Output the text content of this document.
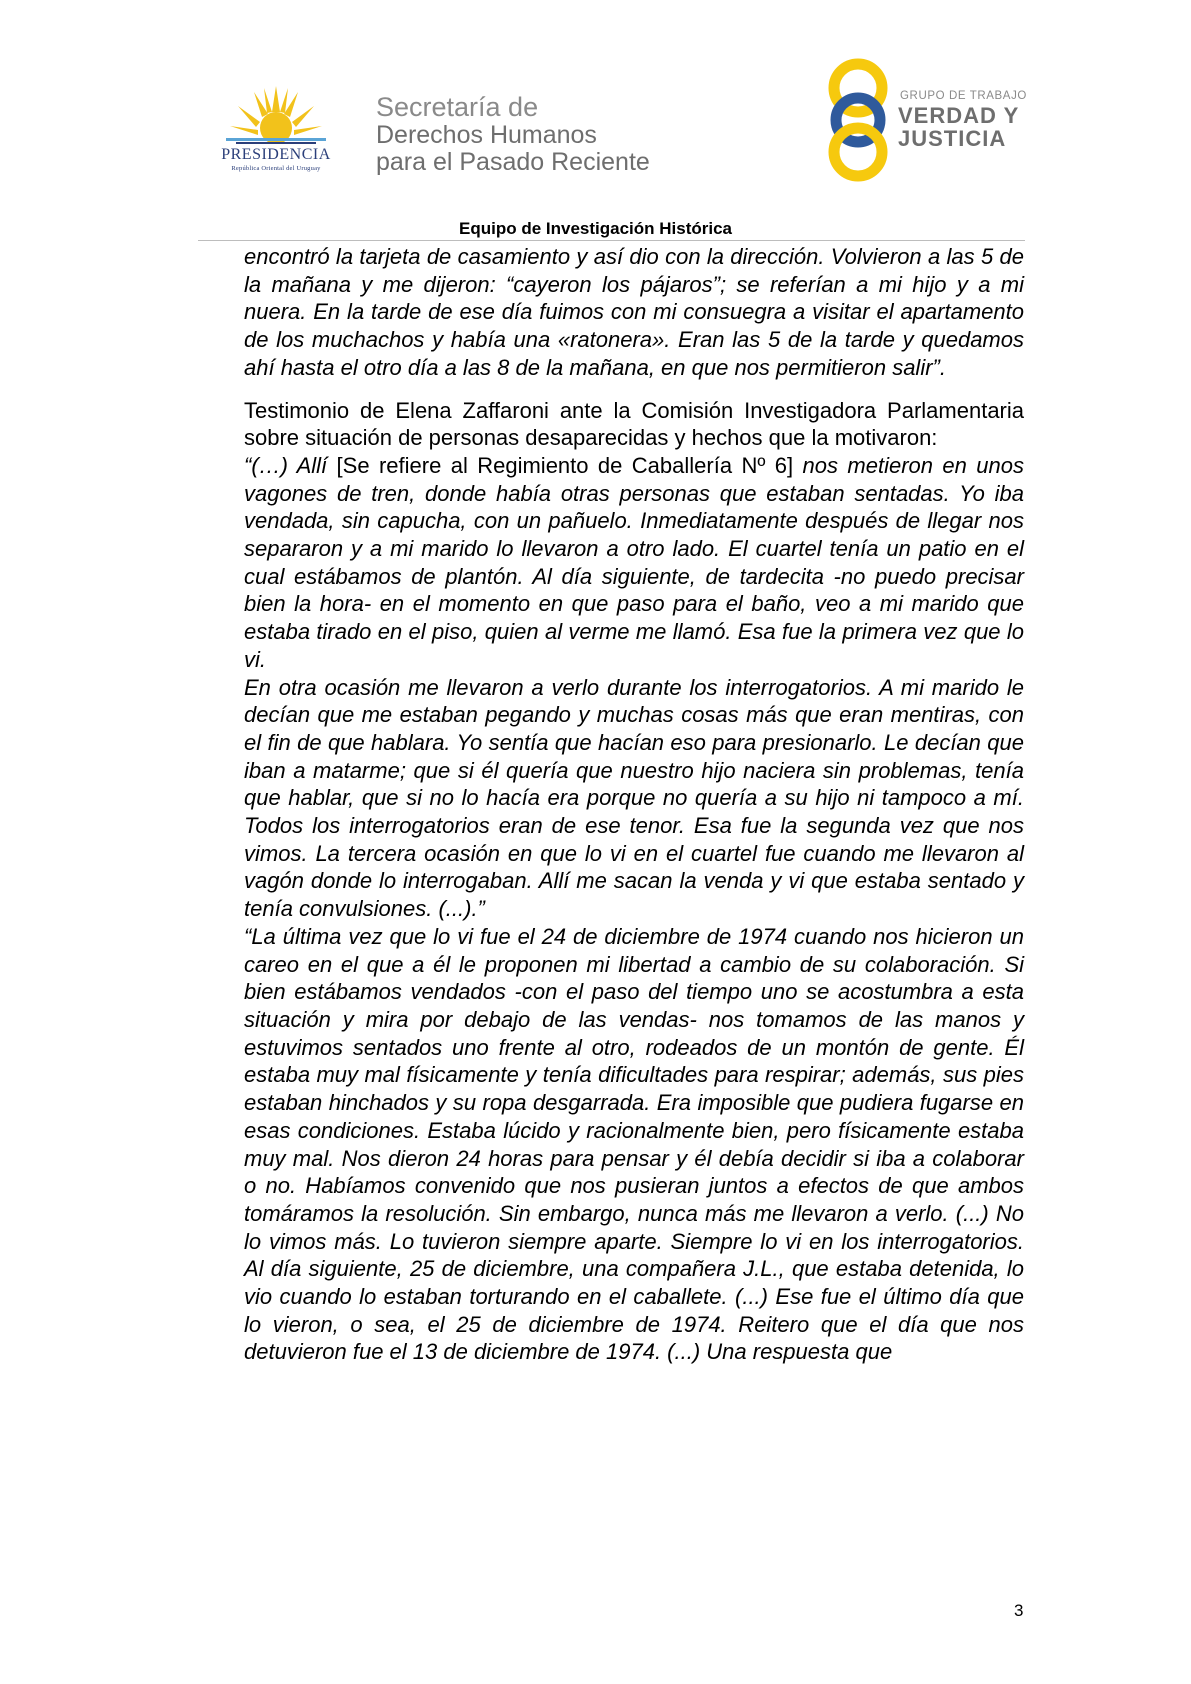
PRESIDENCIA
República Oriental del Uruguay
Secretaría de
Derechos Humanos
para el Pasado Reciente
GRUPO DE TRABAJO
VERDAD Y
JUSTICIA
Equipo de Investigación Histórica

encontró la tarjeta de casamiento y así dio con la dirección. Volvieron a las 5 de la mañana y me dijeron: “cayeron los pájaros”; se referían a mi hijo y a mi nuera. En la tarde de ese día fuimos con mi consuegra a visitar el apartamento de los muchachos y había una «ratonera». Eran las 5 de la tarde y quedamos ahí hasta el otro día a las 8 de la mañana, en que nos permitieron salir”.

Testimonio de Elena Zaffaroni ante la Comisión Investigadora Parlamentaria sobre situación de personas desaparecidas y hechos que la motivaron:

“(…) Allí [Se refiere al Regimiento de Caballería Nº 6] nos metieron en unos vagones de tren, donde había otras personas que estaban sentadas. Yo iba vendada, sin capucha, con un pañuelo. Inmediatamente después de llegar nos separaron y a mi marido lo llevaron a otro lado. El cuartel tenía un patio en el cual estábamos de plantón. Al día siguiente, de tardecita -no puedo precisar bien la hora- en el momento en que paso para el baño, veo a mi marido que estaba tirado en el piso, quien al verme me llamó. Esa fue la primera vez que lo vi.

En otra ocasión me llevaron a verlo durante los interrogatorios. A mi marido le decían que me estaban pegando y muchas cosas más que eran mentiras, con el fin de que hablara. Yo sentía que hacían eso para presionarlo. Le decían que iban a matarme; que si él quería que nuestro hijo naciera sin problemas, tenía que hablar, que si no lo hacía era porque no quería a su hijo ni tampoco a mí. Todos los interrogatorios eran de ese tenor. Esa fue la segunda vez que nos vimos. La tercera ocasión en que lo vi en el cuartel fue cuando me llevaron al vagón donde lo interrogaban. Allí me sacan la venda y vi que estaba sentado y tenía convulsiones. (...).”

“La última vez que lo vi fue el 24 de diciembre de 1974 cuando nos hicieron un careo en el que a él le proponen mi libertad a cambio de su colaboración. Si bien estábamos vendados -con el paso del tiempo uno se acostumbra a esta situación y mira por debajo de las vendas- nos tomamos de las manos y estuvimos sentados uno frente al otro, rodeados de un montón de gente. Él estaba muy mal físicamente y tenía dificultades para respirar; además, sus pies estaban hinchados y su ropa desgarrada. Era imposible que pudiera fugarse en esas condiciones. Estaba lúcido y racionalmente bien, pero físicamente estaba muy mal. Nos dieron 24 horas para pensar y él debía decidir si iba a colaborar o no. Habíamos convenido que nos pusieran juntos a efectos de que ambos tomáramos la resolución. Sin embargo, nunca más me llevaron a verlo. (...) No lo vimos más. Lo tuvieron siempre aparte. Siempre lo vi en los interrogatorios. Al día siguiente, 25 de diciembre, una compañera J.L., que estaba detenida, lo vio cuando lo estaban torturando en el caballete. (...) Ese fue el último día que lo vieron, o sea, el 25 de diciembre de 1974. Reitero que el día que nos detuvieron fue el 13 de diciembre de 1974. (...) Una respuesta que

3
